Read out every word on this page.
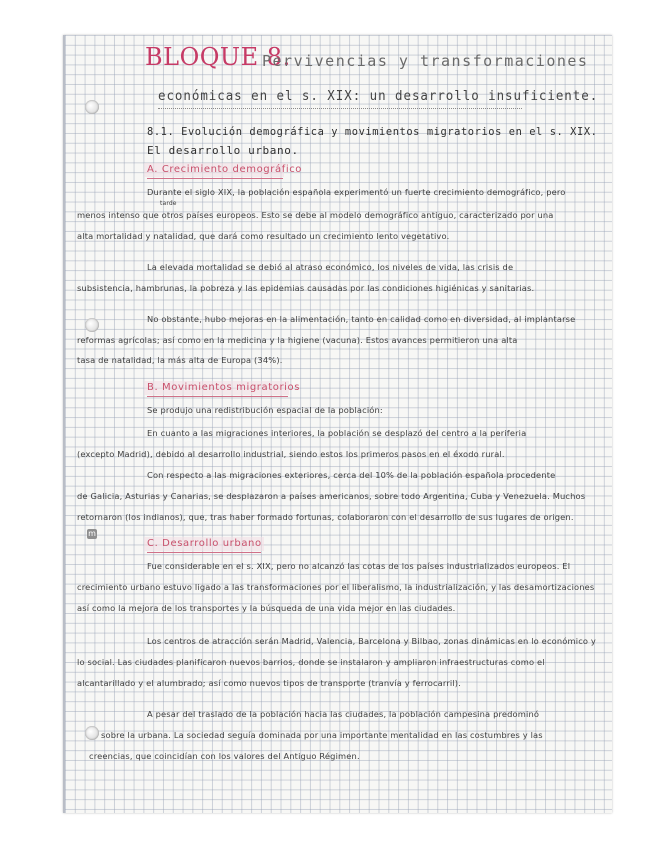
BLOQUE 8.
Pervivencias y transformaciones
económicas en el s. XIX: un desarrollo insuficiente.
8.1. Evolución demográfica y movimientos migratorios en el s. XIX.
El desarrollo urbano.
A. Crecimiento demográfico
Durante el siglo XIX, la población española experimentó un fuerte crecimiento demográfico, pero
tarde
menos intenso que otros países europeos. Esto se debe al modelo demográfico antiguo, caracterizado por una
alta mortalidad y natalidad, que dará como resultado un crecimiento lento vegetativo.
La elevada mortalidad se debió al atraso económico, los niveles de vida, las crisis de
subsistencia, hambrunas, la pobreza y las epidemias causadas por las condiciones higiénicas y sanitarias.
No obstante, hubo mejoras en la alimentación, tanto en calidad como en diversidad, al implantarse
reformas agrícolas; así como en la medicina y la higiene (vacuna). Estos avances permitieron una alta
tasa de natalidad, la más alta de Europa (34%).
B. Movimientos migratorios
Se produjo una redistribución espacial de la población:
En cuanto a las migraciones interiores, la población se desplazó del centro a la periferia
(excepto Madrid), debido al desarrollo industrial, siendo estos los primeros pasos en el éxodo rural.
Con respecto a las migraciones exteriores, cerca del 10% de la población española procedente
de Galicia, Asturias y Canarias, se desplazaron a países americanos, sobre todo Argentina, Cuba y Venezuela. Muchos
retornaron (los indianos), que, tras haber formado fortunas, colaboraron con el desarrollo de sus lugares de origen.
m
C. Desarrollo urbano
Fue considerable en el s. XIX, pero no alcanzó las cotas de los países industrializados europeos. El
crecimiento urbano estuvo ligado a las transformaciones por el liberalismo, la industrialización, y las desamortizaciones
así como la mejora de los transportes y la búsqueda de una vida mejor en las ciudades.
Los centros de atracción serán Madrid, Valencia, Barcelona y Bilbao, zonas dinámicas en lo económico y
lo social. Las ciudades planificaron nuevos barrios, donde se instalaron y ampliaron infraestructuras como el
alcantarillado y el alumbrado; así como nuevos tipos de transporte (tranvía y ferrocarril).
A pesar del traslado de la población hacia las ciudades, la población campesina predominó
sobre la urbana. La sociedad seguía dominada por una importante mentalidad en las costumbres y las
creencias, que coincidían con los valores del Antiguo Régimen.
